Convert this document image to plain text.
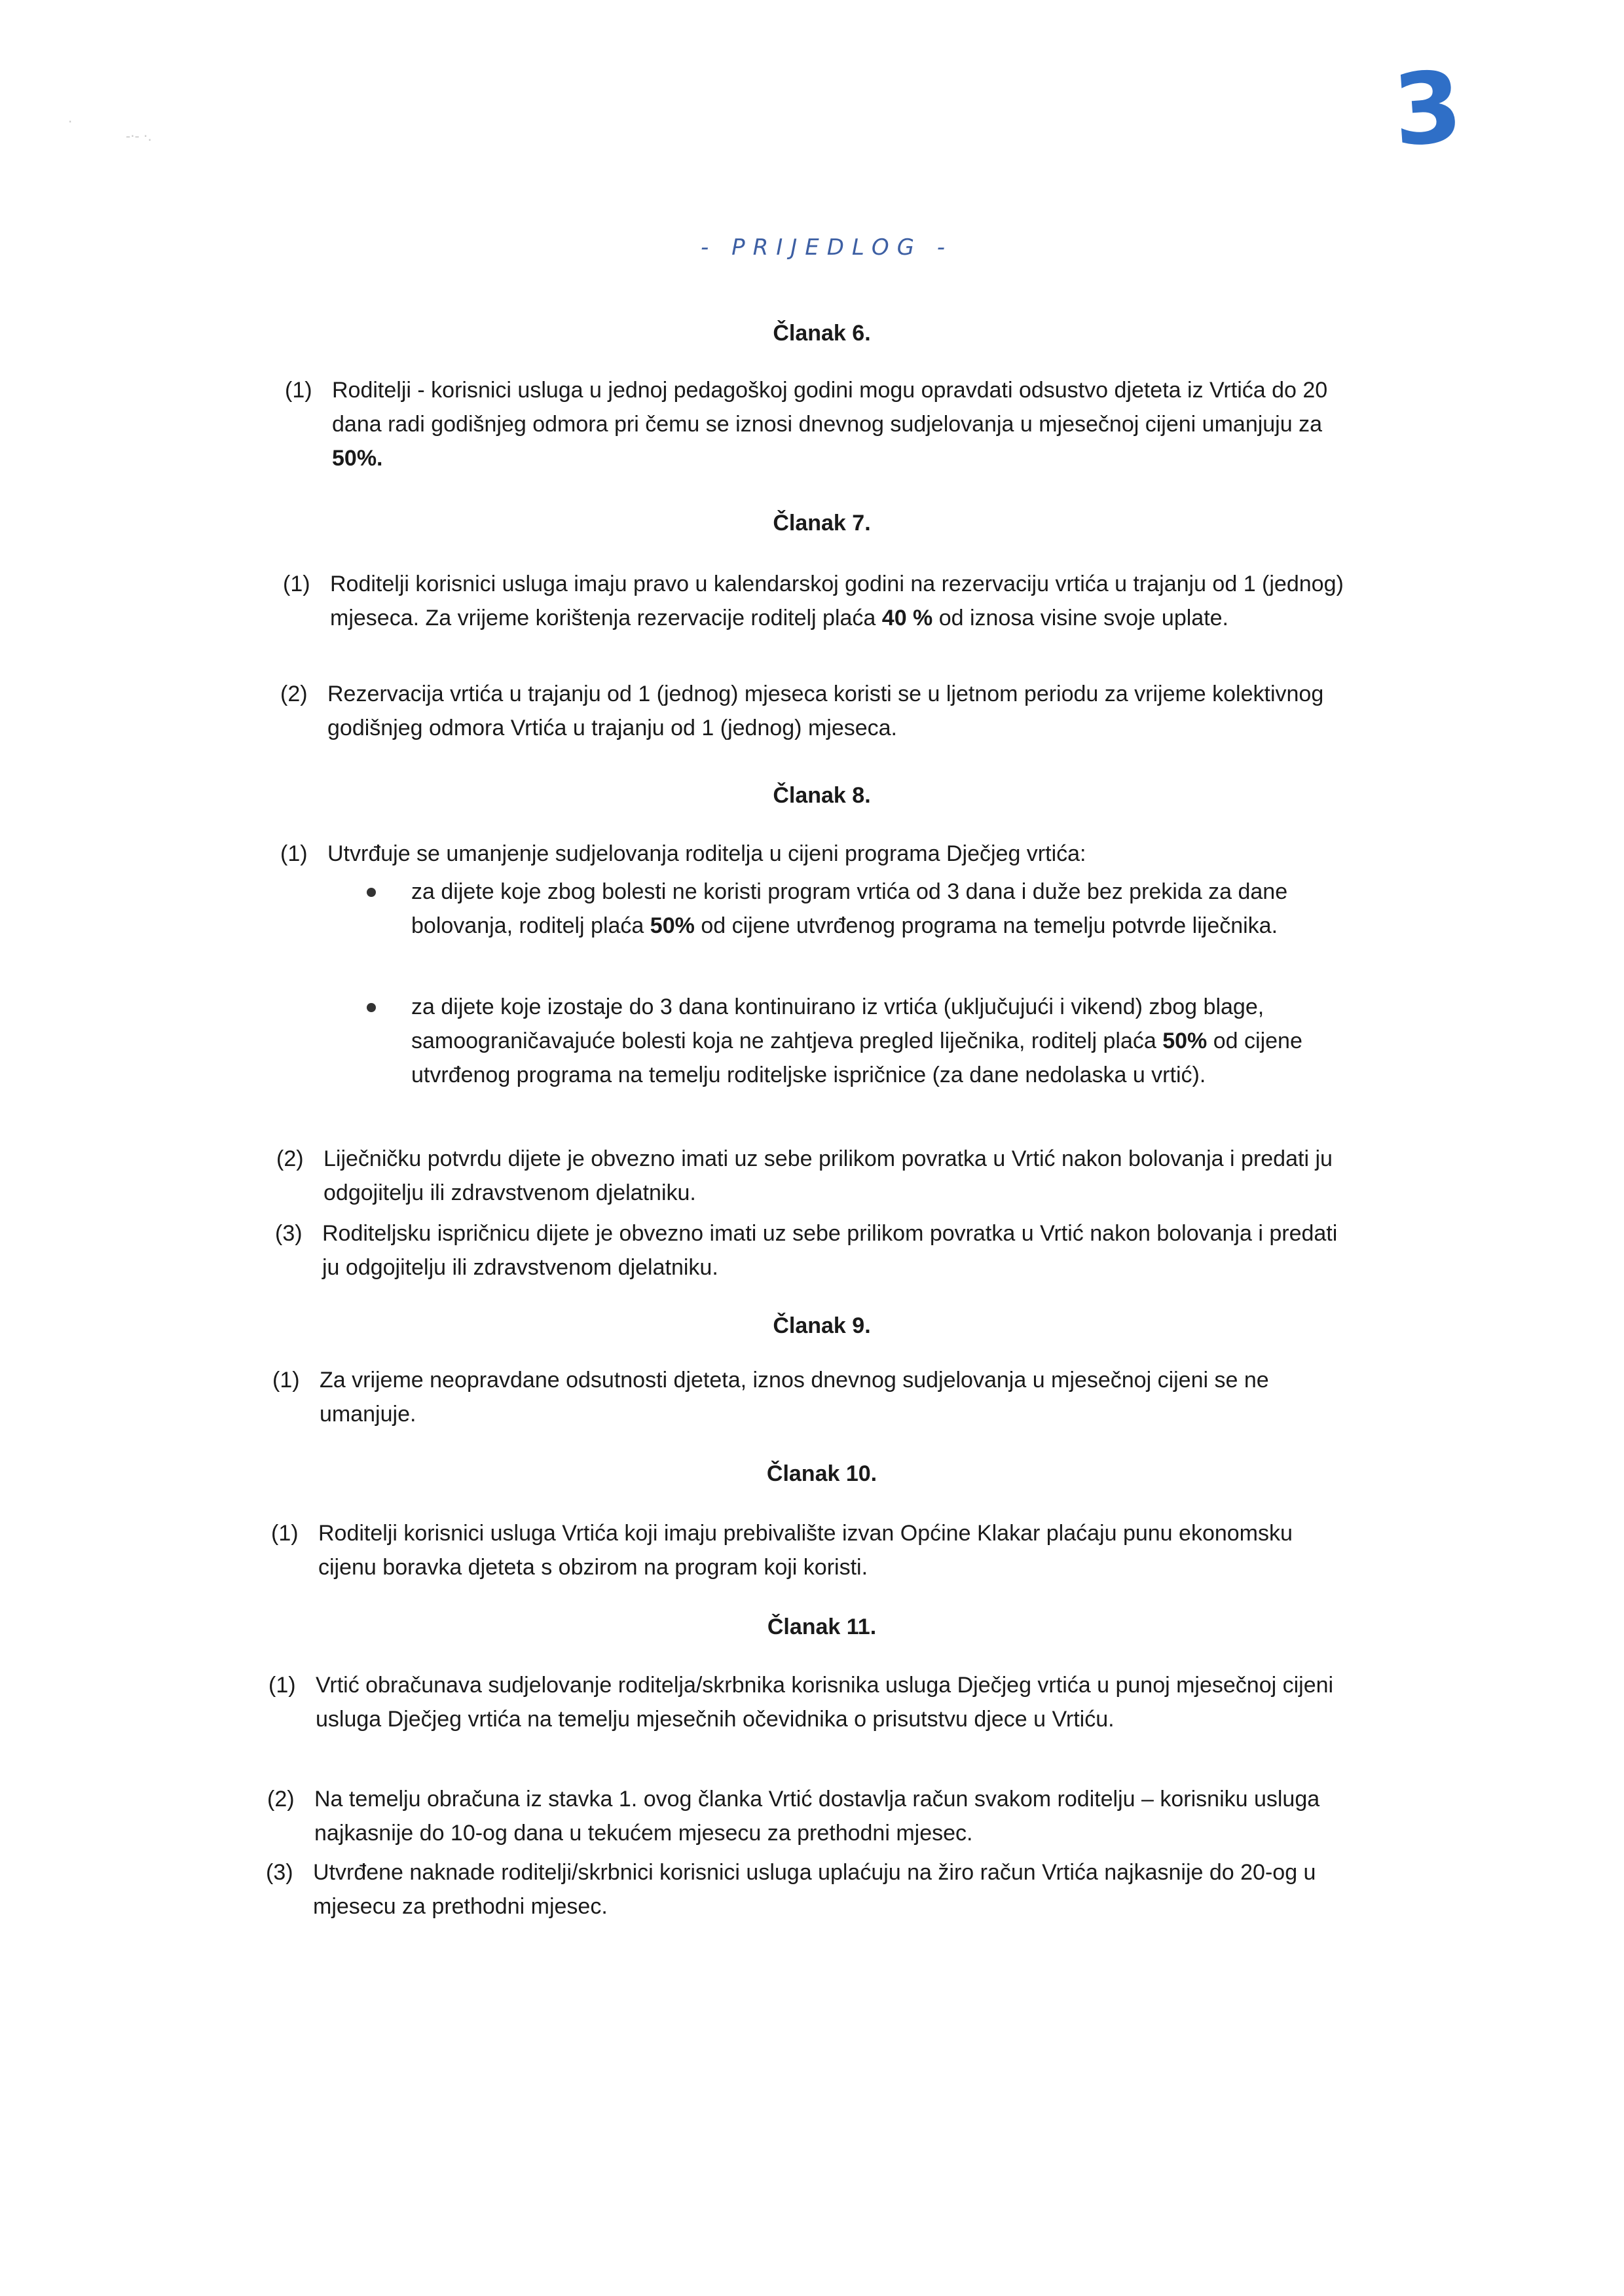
·
-·- ·.	3
- PRIJEDLOG -
Članak 6.
(1) Roditelji - korisnici usluga u jednoj pedagoškoj godini mogu opravdati odsustvo djeteta iz Vrtića do 20 dana radi godišnjeg odmora pri čemu se iznosi dnevnog sudjelovanja u mjesečnoj cijeni umanjuju za 50%.
Članak 7.
(1) Roditelji korisnici usluga imaju pravo u kalendarskoj godini na rezervaciju vrtića u trajanju od 1 (jednog) mjeseca. Za vrijeme korištenja rezervacije roditelj plaća 40 % od iznosa visine svoje uplate.
(2) Rezervacija vrtića u trajanju od 1 (jednog) mjeseca koristi se u ljetnom periodu za vrijeme kolektivnog godišnjeg odmora Vrtića u trajanju od 1 (jednog) mjeseca.
Članak 8.
(1) Utvrđuje se umanjenje sudjelovanja roditelja u cijeni programa Dječjeg vrtića:
za dijete koje zbog bolesti ne koristi program vrtića od 3 dana i duže bez prekida za dane bolovanja, roditelj plaća 50% od cijene utvrđenog programa na temelju potvrde liječnika.
za dijete koje izostaje do 3 dana kontinuirano iz vrtića (uključujući i vikend) zbog blage, samoograničavajuće bolesti koja ne zahtjeva pregled liječnika, roditelj plaća 50% od cijene utvrđenog programa na temelju roditeljske ispričnice (za dane nedolaska u vrtić).
(2) Liječničku potvrdu dijete je obvezno imati uz sebe prilikom povratka u Vrtić nakon bolovanja i predati ju odgojitelju ili zdravstvenom djelatniku.
(3) Roditeljsku ispričnicu dijete je obvezno imati uz sebe prilikom povratka u Vrtić nakon bolovanja i predati ju odgojitelju ili zdravstvenom djelatniku.
Članak 9.
(1) Za vrijeme neopravdane odsutnosti djeteta, iznos dnevnog sudjelovanja u mjesečnoj cijeni se ne umanjuje.
Članak 10.
(1) Roditelji korisnici usluga Vrtića koji imaju prebivalište izvan Općine Klakar plaćaju punu ekonomsku cijenu boravka djeteta s obzirom na program koji koristi.
Članak 11.
(1) Vrtić obračunava sudjelovanje roditelja/skrbnika korisnika usluga Dječjeg vrtića u punoj mjesečnoj cijeni usluga Dječjeg vrtića na temelju mjesečnih očevidnika o prisutstvu djece u Vrtiću.
(2) Na temelju obračuna iz stavka 1. ovog članka Vrtić dostavlja račun svakom roditelju – korisniku usluga najkasnije do 10-og dana u tekućem mjesecu za prethodni mjesec.
(3) Utvrđene naknade roditelji/skrbnici korisnici usluga uplaćuju na žiro račun Vrtića najkasnije do 20-og u mjesecu za prethodni mjesec.
